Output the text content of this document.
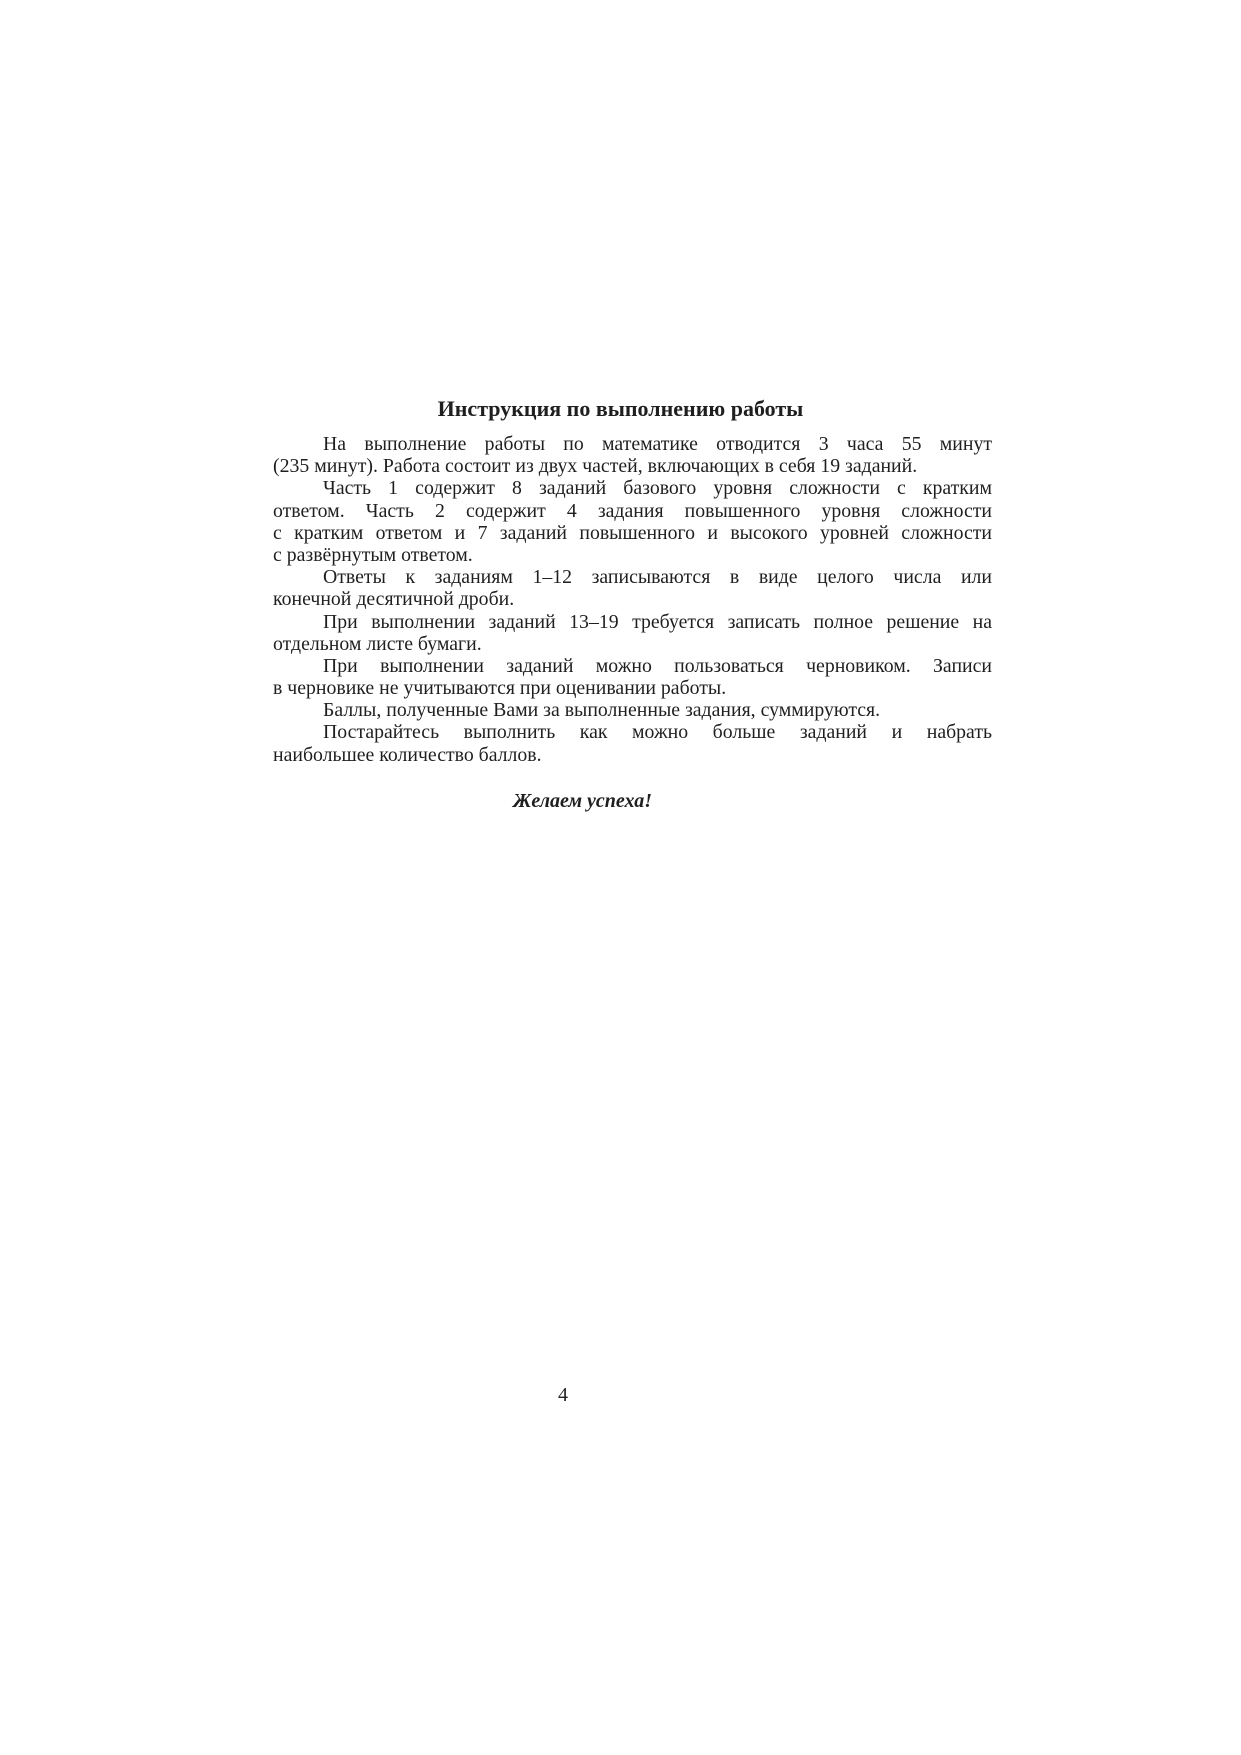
Инструкция по выполнению работы

На выполнение работы по математике отводится 3 часа 55 минут
(235 минут). Работа состоит из двух частей, включающих в себя 19 заданий.

Часть 1 содержит 8 заданий базового уровня сложности с кратким
ответом. Часть 2 содержит 4 задания повышенного уровня сложности
с кратким ответом и 7 заданий повышенного и высокого уровней сложности
с развёрнутым ответом.

Ответы к заданиям 1–12 записываются в виде целого числа или
конечной десятичной дроби.

При выполнении заданий 13–19 требуется записать полное решение на
отдельном листе бумаги.

При выполнении заданий можно пользоваться черновиком. Записи
в черновике не учитываются при оценивании работы.

Баллы, полученные Вами за выполненные задания, суммируются.

Постарайтесь выполнить как можно больше заданий и набрать
наибольшее количество баллов.

Желаем успеха!
4
